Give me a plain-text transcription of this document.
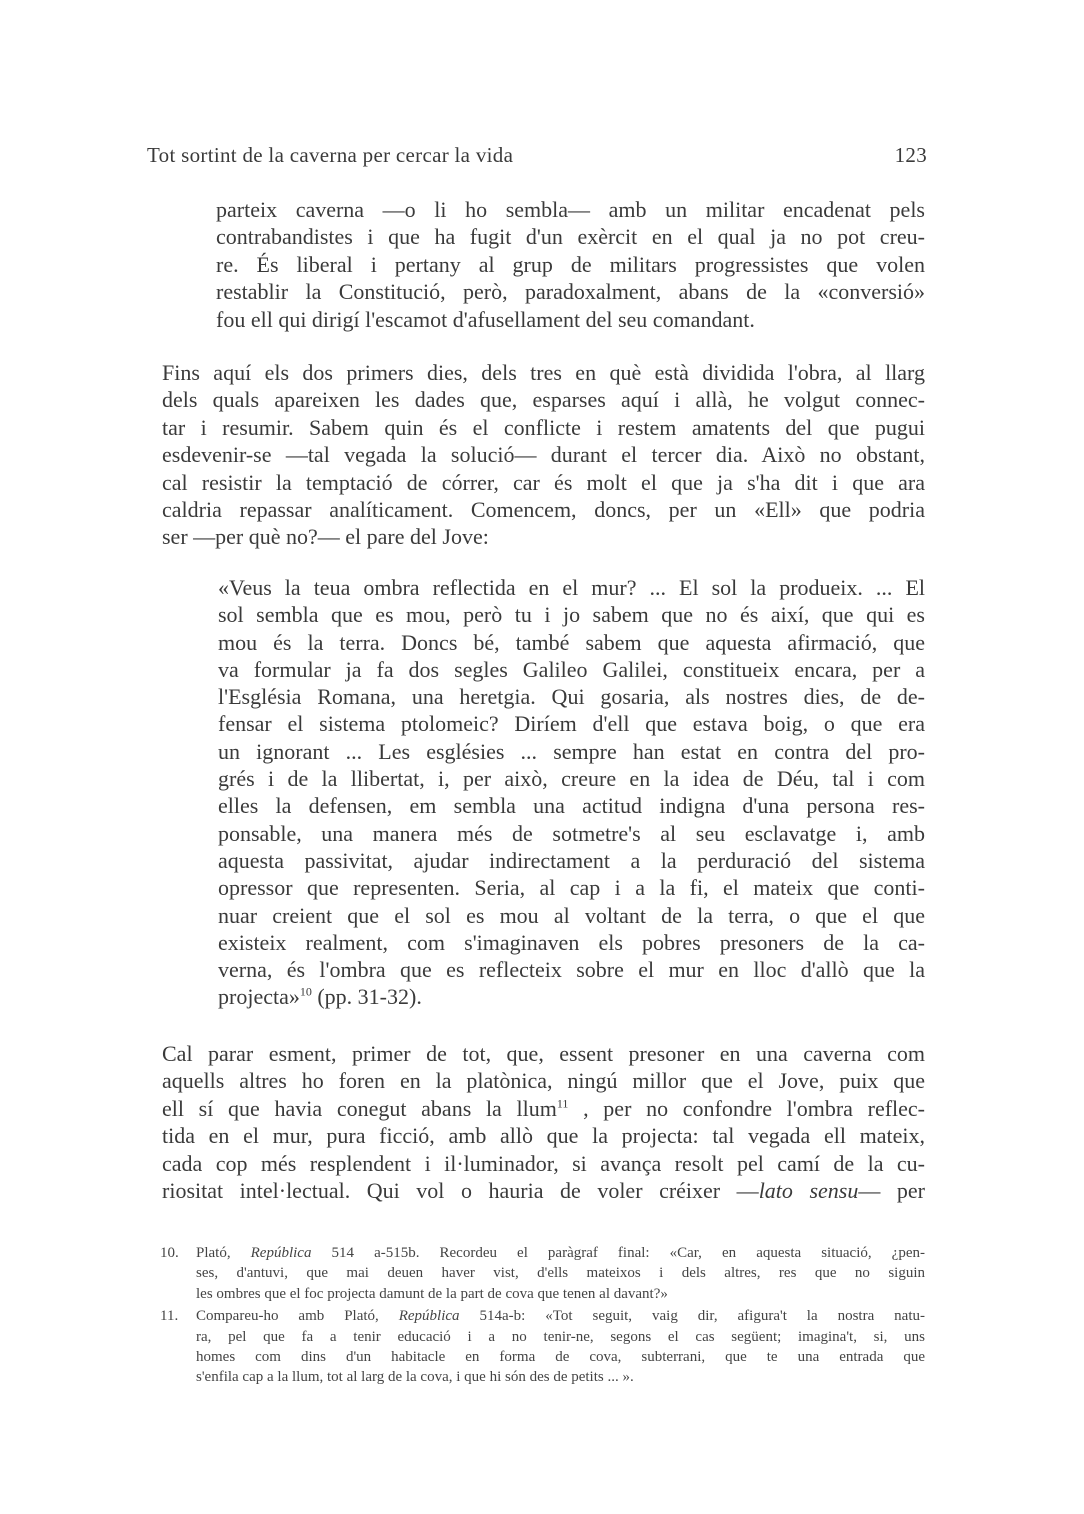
Tot sortint de la caverna per cercar la vida	123

parteix caverna —o li ho sembla— amb un militar encadenat pels
contrabandistes i que ha fugit d'un exèrcit en el qual ja no pot creu-
re. És liberal i pertany al grup de militars progressistes que volen
restablir la Constitució, però, paradoxalment, abans de la «conversió»
fou ell qui dirigí l'escamot d'afusellament del seu comandant.

Fins aquí els dos primers dies, dels tres en què està dividida l'obra, al llarg
dels quals apareixen les dades que, esparses aquí i allà, he volgut connec-
tar i resumir. Sabem quin és el conflicte i restem amatents del que pugui
esdevenir-se —tal vegada la solució— durant el tercer dia. Això no obstant,
cal resistir la temptació de córrer, car és molt el que ja s'ha dit i que ara
caldria repassar analíticament. Comencem, doncs, per un «Ell» que podria
ser —per què no?— el pare del Jove:

«Veus la teua ombra reflectida en el mur? ... El sol la produeix. ... El
sol sembla que es mou, però tu i jo sabem que no és així, que qui es
mou és la terra. Doncs bé, també sabem que aquesta afirmació, que
va formular ja fa dos segles Galileo Galilei, constitueix encara, per a
l'Església Romana, una heretgia. Qui gosaria, als nostres dies, de de-
fensar el sistema ptolomeic? Diríem d'ell que estava boig, o que era
un ignorant ... Les esglésies ... sempre han estat en contra del pro-
grés i de la llibertat, i, per això, creure en la idea de Déu, tal i com
elles la defensen, em sembla una actitud indigna d'una persona res-
ponsable, una manera més de sotmetre's al seu esclavatge i, amb
aquesta passivitat, ajudar indirectament a la perduració del sistema
opressor que representen. Seria, al cap i a la fi, el mateix que conti-
nuar creient que el sol es mou al voltant de la terra, o que el que
existeix realment, com s'imaginaven els pobres presoners de la ca-
verna, és l'ombra que es reflecteix sobre el mur en lloc d'allò que la
projecta»$^{10}$ (pp. 31-32).

Cal parar esment, primer de tot, que, essent presoner en una caverna com
aquells altres ho foren en la platònica, ningú millor que el Jove, puix que
ell sí que havia conegut abans la llum$^{11}$ , per no confondre l'ombra reflec-
tida en el mur, pura ficció, amb allò que la projecta: tal vegada ell mateix,
cada cop més resplendent i il·luminador, si avança resolt pel camí de la cu-
riositat intel·lectual. Qui vol o hauria de voler créixer —lato sensu— per

10. Plató, República 514 a-515b. Recordeu el paràgraf final: «Car, en aquesta situació, ¿pen-
ses, d'antuvi, que mai deuen haver vist, d'ells mateixos i dels altres, res que no siguin
les ombres que el foc projecta damunt de la part de cova que tenen al davant?»
11. Compareu-ho amb Plató, República 514a-b: «Tot seguit, vaig dir, afigura't la nostra natu-
ra, pel que fa a tenir educació i a no tenir-ne, segons el cas següent; imagina't, si, uns
homes com dins d'un habitacle en forma de cova, subterrani, que te una entrada que
s'enfila cap a la llum, tot al larg de la cova, i que hi són des de petits ... ».
